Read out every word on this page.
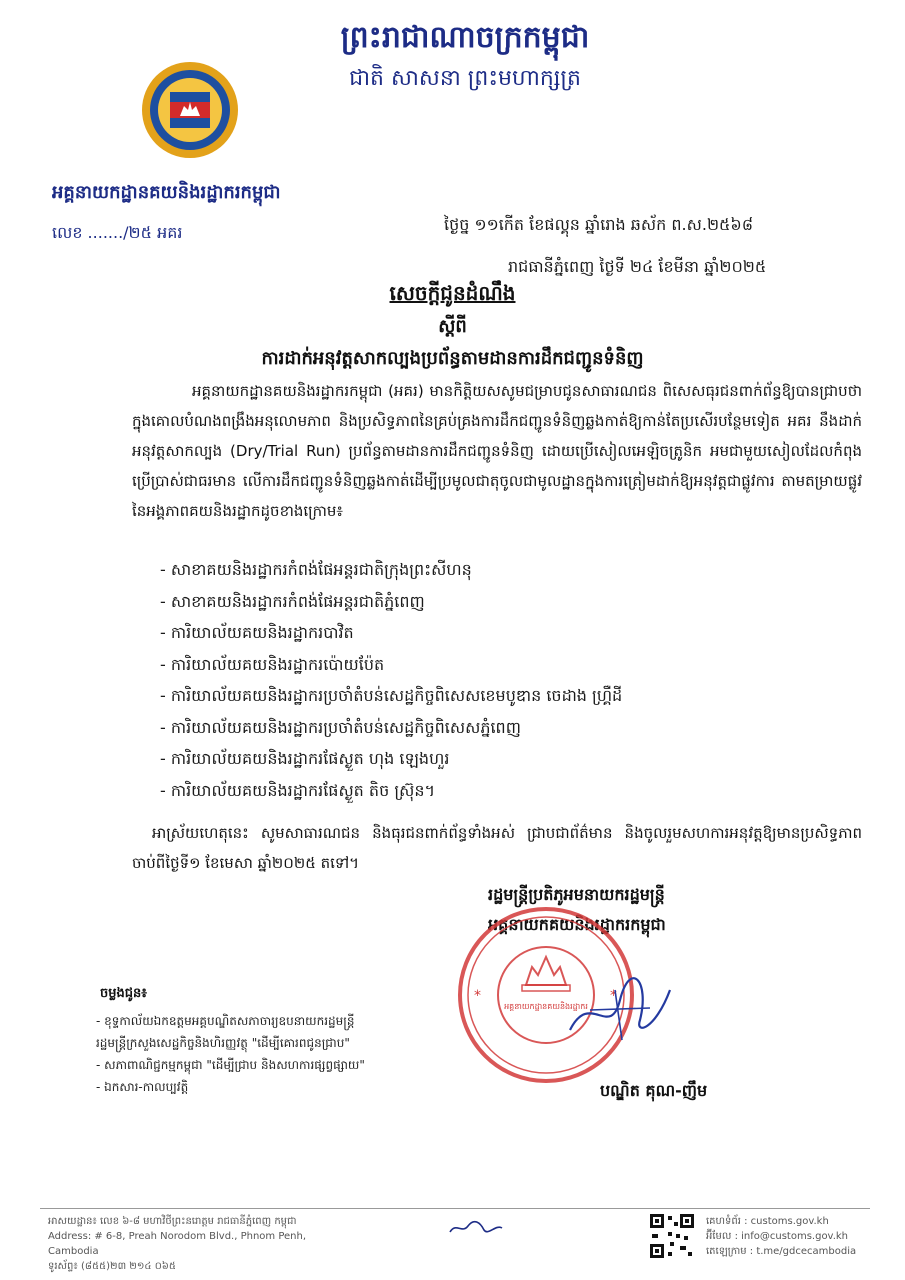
ព្រះរាជាណាចក្រកម្ពុជា
ជាតិ សាសនា ព្រះមហាក្សត្រ
អគ្គនាយកដ្ឋានគយនិងរដ្ឋាករកម្ពុជា
លេខ ......./២៥ អគរ	ថ្ងៃច្ន ១១កើត ខែផល្គុន ឆ្នាំរោង ឆស័ក ព.ស.២៥៦៨
រាជធានីភ្នំពេញ ថ្ងៃទី ២៤ ខែមីនា ឆ្នាំ២០២៥
សេចក្ដីជូនដំណឹង
ស្ដីពី
ការដាក់អនុវត្តសាកល្បងប្រព័ន្ធតាមដានការដឹកជញ្ជូនទំនិញ
អគ្គនាយកដ្ឋានគយនិងរដ្ឋាករកម្ពុជា (អគរ) មានកិត្តិយសសូមជម្រាបជូនសាធារណជន ពិសេសធុរជនពាក់ព័ន្ធឱ្យបានជ្រាបថា ក្នុងគោលបំណងពង្រឹងអនុលោមភាព និងប្រសិទ្ធភាពនៃគ្រប់គ្រងការដឹកជញ្ជូនទំនិញឆ្លងកាត់ឱ្យកាន់តែប្រសើរបន្ថែមទៀត អគរ នឹងដាក់អនុវត្តសាកល្បង (Dry/Trial Run) ប្រព័ន្ធតាមដានការដឹកជញ្ជូនទំនិញ ដោយប្រើសៀលអេឡិចត្រូនិក អមជាមួយសៀលដែលកំពុងប្រើប្រាស់ជាធរមាន លើការដឹកជញ្ជូនទំនិញឆ្លងកាត់ដើម្បីប្រមូលជាតុចូលជាមូលដ្ឋានក្នុងការត្រៀមដាក់ឱ្យអនុវត្តជាផ្លូវការ តាមតម្រាយផ្លូវនៃអង្គភាពគយនិងរដ្ឋាកដូចខាងក្រោម៖
- សាខាគយនិងរដ្ឋាករកំពង់ផែអន្តរជាតិក្រុងព្រះសីហនុ
- សាខាគយនិងរដ្ឋាករកំពង់ផែអន្តរជាតិភ្នំពេញ
- ការិយាល័យគយនិងរដ្ឋាករបាវិត
- ការិយាល័យគយនិងរដ្ឋាករប៉ោយប៉ែត
- ការិយាល័យគយនិងរដ្ឋាករប្រចាំតំបន់សេដ្ឋកិច្ចពិសេសខេមបូឌាន ចេដាង ហ្គ្រឺដី
- ការិយាល័យគយនិងរដ្ឋាករប្រចាំតំបន់សេដ្ឋកិច្ចពិសេសភ្នំពេញ
- ការិយាល័យគយនិងរដ្ឋាករផែស្ងួត ហុង ឡេងហួរ
- ការិយាល័យគយនិងរដ្ឋាករផែស្ងួត តិច ស្រ៊ុន។
អាស្រ័យហេតុនេះ សូមសាធារណជន និងធុរជនពាក់ព័ន្ធទាំងអស់ ជ្រាបជាព័ត៌មាន និងចូលរួមសហការអនុវត្តឱ្យមានប្រសិទ្ធភាពចាប់ពីថ្ងៃទី១ ខែមេសា ឆ្នាំ២០២៥ តទៅ។
រដ្ឋមន្ត្រីប្រតិភូអមនាយករដ្ឋមន្ត្រី
អគ្គនាយកគយនិងរដ្ឋាករកម្ពុជា
អគ្គនាយកដ្ឋានគយនិងរដ្ឋាករ
*	*
បណ្ឌិត គុណ-ញឹម
ចម្លងជូន៖
- ខុទ្ទកាល័យឯកឧត្តមអគ្គបណ្ឌិតសភាចារ្យឧបនាយករដ្ឋមន្ត្រី
រដ្ឋមន្ត្រីក្រសួងសេដ្ឋកិច្ចនិងហិរញ្ញវត្ថុ "ដើម្បីគោរពជូនជ្រាប"
- សភាពាណិជ្ជកម្មកម្ពុជា "ដើម្បីជ្រាប និងសហការផ្សព្វផ្សាយ"
- ឯកសារ-កាលប្បវត្តិ
អាសយដ្ឋាន៖ លេខ ៦-៨ មហាវិថីព្រះនរោត្តម រាជធានីភ្នំពេញ កម្ពុជា
Address: # 6-8, Preah Norodom Blvd., Phnom Penh, Cambodia
ទូរស័ព្ទ៖ (៨៥៥)២៣ ២១៤ ០៦៥
គេហទំព័រ : customs.gov.kh
អ៊ីមែល : info@customs.gov.kh
តេឡេក្រាម : t.me/gdcecambodia
